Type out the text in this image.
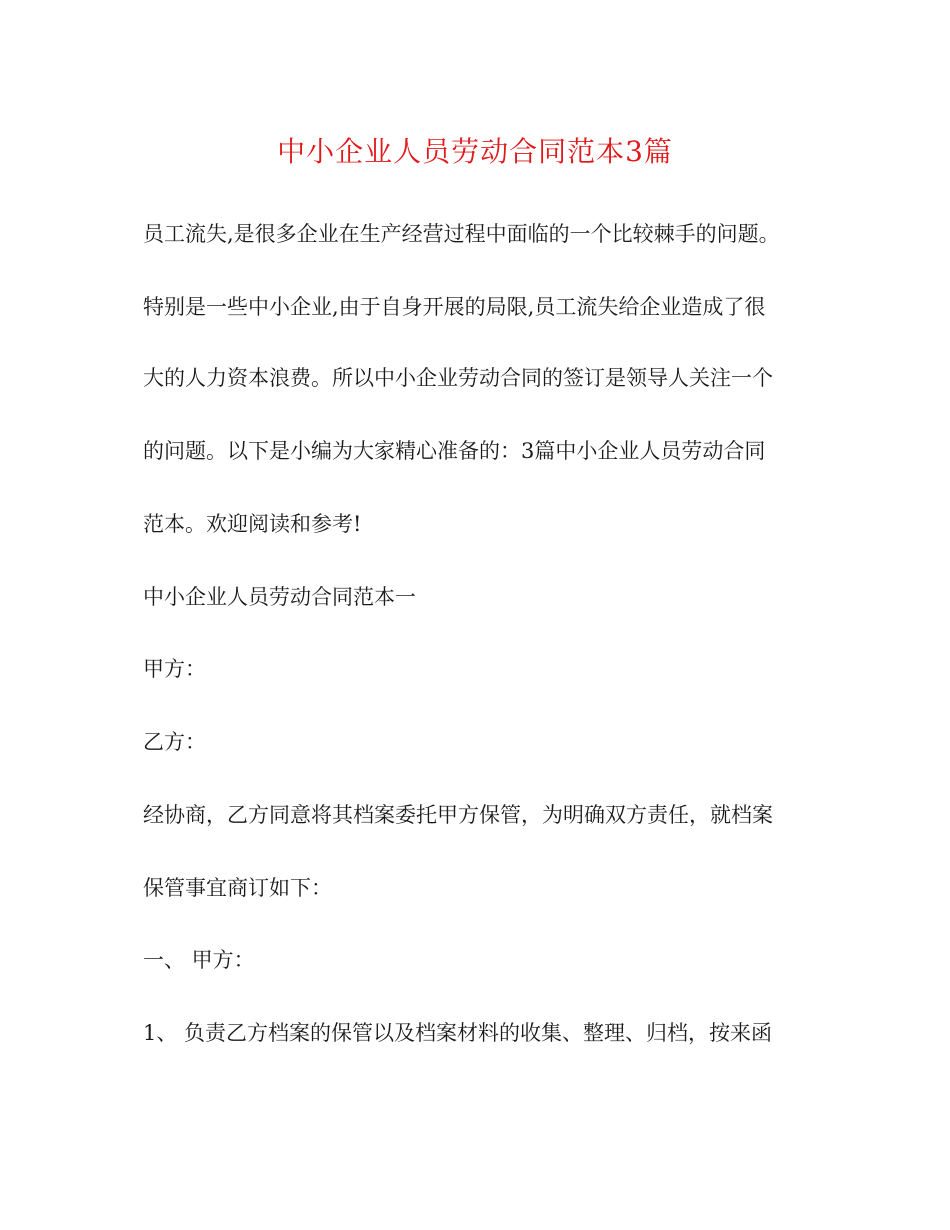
中小企业人员劳动合同范本3篇

员工流失,是很多企业在生产经营过程中面临的一个比较棘手的问题。

特别是一些中小企业,由于自身开展的局限,员工流失给企业造成了很

大的人力资本浪费。所以中小企业劳动合同的签订是领导人关注一个

的问题。以下是小编为大家精心准备的：3篇中小企业人员劳动合同

范本。欢迎阅读和参考!

中小企业人员劳动合同范本一

甲方：

乙方：

经协商，乙方同意将其档案委托甲方保管，为明确双方责任，就档案

保管事宜商订如下：

一、 甲方：

1、 负责乙方档案的保管以及档案材料的收集、整理、归档，按来函
